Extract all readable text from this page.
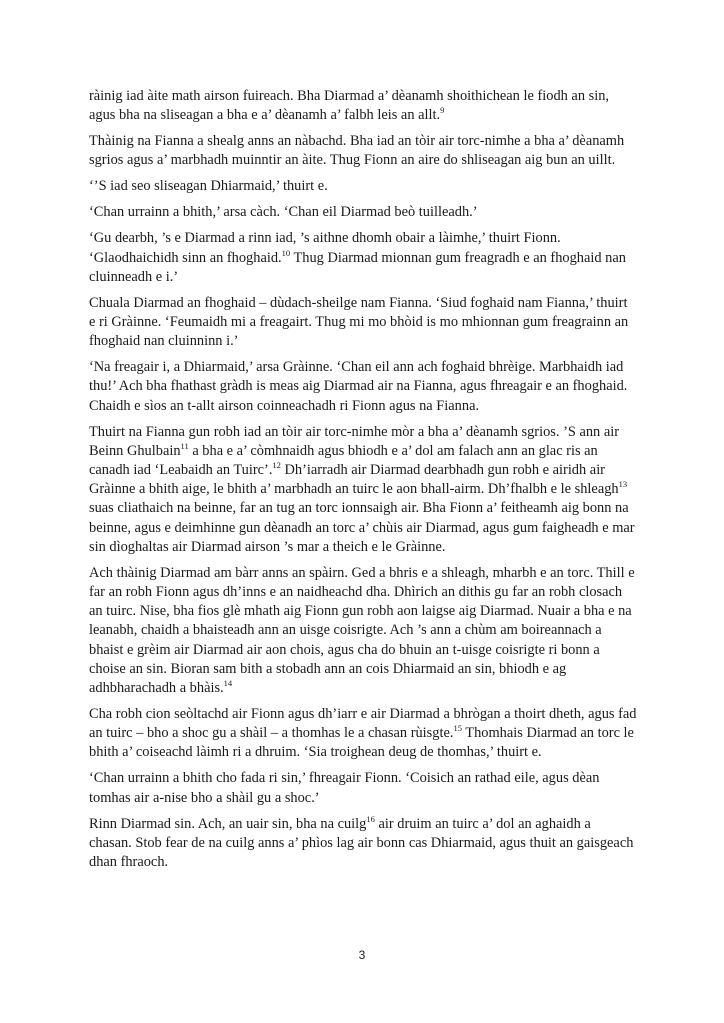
ràinig iad àite math airson fuireach. Bha Diarmad a’ dèanamh shoithichean le fiodh an sin, agus bha na sliseagan a bha e a’ dèanamh a’ falbh leis an allt.$^9$

Thàinig na Fianna a shealg anns an nàbachd. Bha iad an tòir air torc-nimhe a bha a’ dèanamh sgrios agus a’ marbhadh muinntir an àite. Thug Fionn an aire do shliseagan aig bun an uillt.

‘’S iad seo sliseagan Dhiarmaid,’ thuirt e.

‘Chan urrainn a bhith,’ arsa càch. ‘Chan eil Diarmad beò tuilleadh.’

‘Gu dearbh, ’s e Diarmad a rinn iad, ’s aithne dhomh obair a làimhe,’ thuirt Fionn. ‘Glaodhaichidh sinn an fhoghaid.$^{10}$ Thug Diarmad mionnan gum freagradh e an fhoghaid nan cluinneadh e i.’

Chuala Diarmad an fhoghaid – dùdach-sheilge nam Fianna. ‘Siud foghaid nam Fianna,’ thuirt e ri Gràinne. ‘Feumaidh mi a freagairt. Thug mi mo bhòid is mo mhionnan gum freagrainn an fhoghaid nan cluinninn i.’

‘Na freagair i, a Dhiarmaid,’ arsa Gràinne. ‘Chan eil ann ach foghaid bhrèige. Marbhaidh iad thu!’ Ach bha fhathast gràdh is meas aig Diarmad air na Fianna, agus fhreagair e an fhoghaid. Chaidh e sìos an t-allt airson coinneachadh ri Fionn agus na Fianna.

Thuirt na Fianna gun robh iad an tòir air torc-nimhe mòr a bha a’ dèanamh sgrios. ’S ann air Beinn Ghulbain$^{11}$ a bha e a’ còmhnaidh agus bhiodh e a’ dol am falach ann an glac ris an canadh iad ‘Leabaidh an Tuirc’.$^{12}$ Dh’iarradh air Diarmad dearbhadh gun robh e airidh air Gràinne a bhith aige, le bhith a’ marbhadh an tuirc le aon bhall-airm. Dh’fhalbh e le shleagh$^{13}$ suas cliathaich na beinne, far an tug an torc ionnsaigh air. Bha Fionn a’ feitheamh aig bonn na beinne, agus e deimhinne gun dèanadh an torc a’ chùis air Diarmad, agus gum faigheadh e mar sin dìoghaltas air Diarmad airson ’s mar a theich e le Gràinne.

Ach thàinig Diarmad am bàrr anns an spàirn. Ged a bhris e a shleagh, mharbh e an torc. Thill e far an robh Fionn agus dh’inns e an naidheachd dha. Dhìrich an dithis gu far an robh closach an tuirc. Nise, bha fios glè mhath aig Fionn gun robh aon laigse aig Diarmad. Nuair a bha e na leanabh, chaidh a bhaisteadh ann an uisge coisrigte. Ach ’s ann a chùm am boireannach a bhaist e grèim air Diarmad air aon chois, agus cha do bhuin an t-uisge coisrigte ri bonn a choise an sin. Bioran sam bith a stobadh ann an cois Dhiarmaid an sin, bhiodh e ag adhbharachadh a bhàis.$^{14}$

Cha robh cion seòltachd air Fionn agus dh’iarr e air Diarmad a bhrògan a thoirt dheth, agus fad an tuirc – bho a shoc gu a shàil – a thomhas le a chasan rùisgte.$^{15}$ Thomhais Diarmad an torc le bhith a’ coiseachd làimh ri a dhruim. ‘Sia troighean deug de thomhas,’ thuirt e.

‘Chan urrainn a bhith cho fada ri sin,’ fhreagair Fionn. ‘Coisich an rathad eile, agus dèan tomhas air a-nise bho a shàil gu a shoc.’

Rinn Diarmad sin. Ach, an uair sin, bha na cuilg$^{16}$ air druim an tuirc a’ dol an aghaidh a chasan. Stob fear de na cuilg anns a’ phìos lag air bonn cas Dhiarmaid, agus thuit an gaisgeach dhan fhraoch.

3
